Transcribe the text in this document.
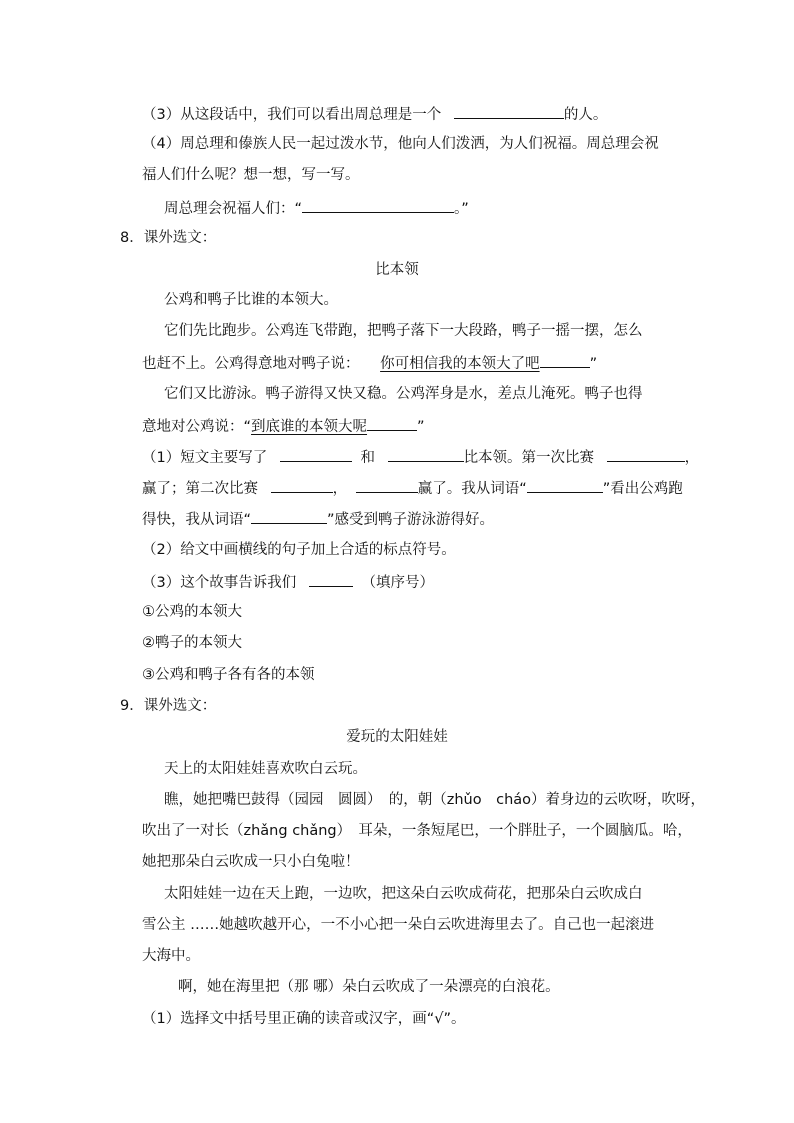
（3）从这段话中，我们可以看出周总理是一个	的人。
（4）周总理和傣族人民一起过泼水节，他向人们泼洒，为人们祝福。周总理会祝
福人们什么呢？想一想，写一写。
周总理会祝福人们：“	。”
8．课外选文：
比本领
公鸡和鸭子比谁的本领大。
它们先比跑步。公鸡连飞带跑，把鸭子落下一大段路，鸭子一摇一摆，怎么
也赶不上。公鸡得意地对鸭子说： 你可相信我的本领大了吧	”
它们又比游泳。鸭子游得又快又稳。公鸡浑身是水，差点儿淹死。鸭子也得
意地对公鸡说：“到底谁的本领大呢	”
（1）短文主要写了	和	比本领。第一次比赛	，
赢了；第二次比赛	，	赢了。我从词语“	”看出公鸡跑
得快，我从词语“	”感受到鸭子游泳游得好。
（2）给文中画横线的句子加上合适的标点符号。
（3）这个故事告诉我们	（填序号）
①公鸡的本领大
②鸭子的本领大
③公鸡和鸭子各有各的本领
9．课外选文：
爱玩的太阳娃娃
天上的太阳娃娃喜欢吹白云玩。
瞧，她把嘴巴鼓得（园园　圆圆）　的，朝（zhǔo　cháo）着身边的云吹呀，吹呀，
吹出了一对长（zhǎng chǎng）　耳朵，一条短尾巴，一个胖肚子，一个圆脑瓜。哈，
她把那朵白云吹成一只小白兔啦！
太阳娃娃一边在天上跑，一边吹，把这朵白云吹成荷花，把那朵白云吹成白
雪公主 ……她越吹越开心，一不小心把一朵白云吹进海里去了。自己也一起滚进
大海中。
啊，她在海里把（那 哪）朵白云吹成了一朵漂亮的白浪花。
（1）选择文中括号里正确的读音或汉字，画“√”。
